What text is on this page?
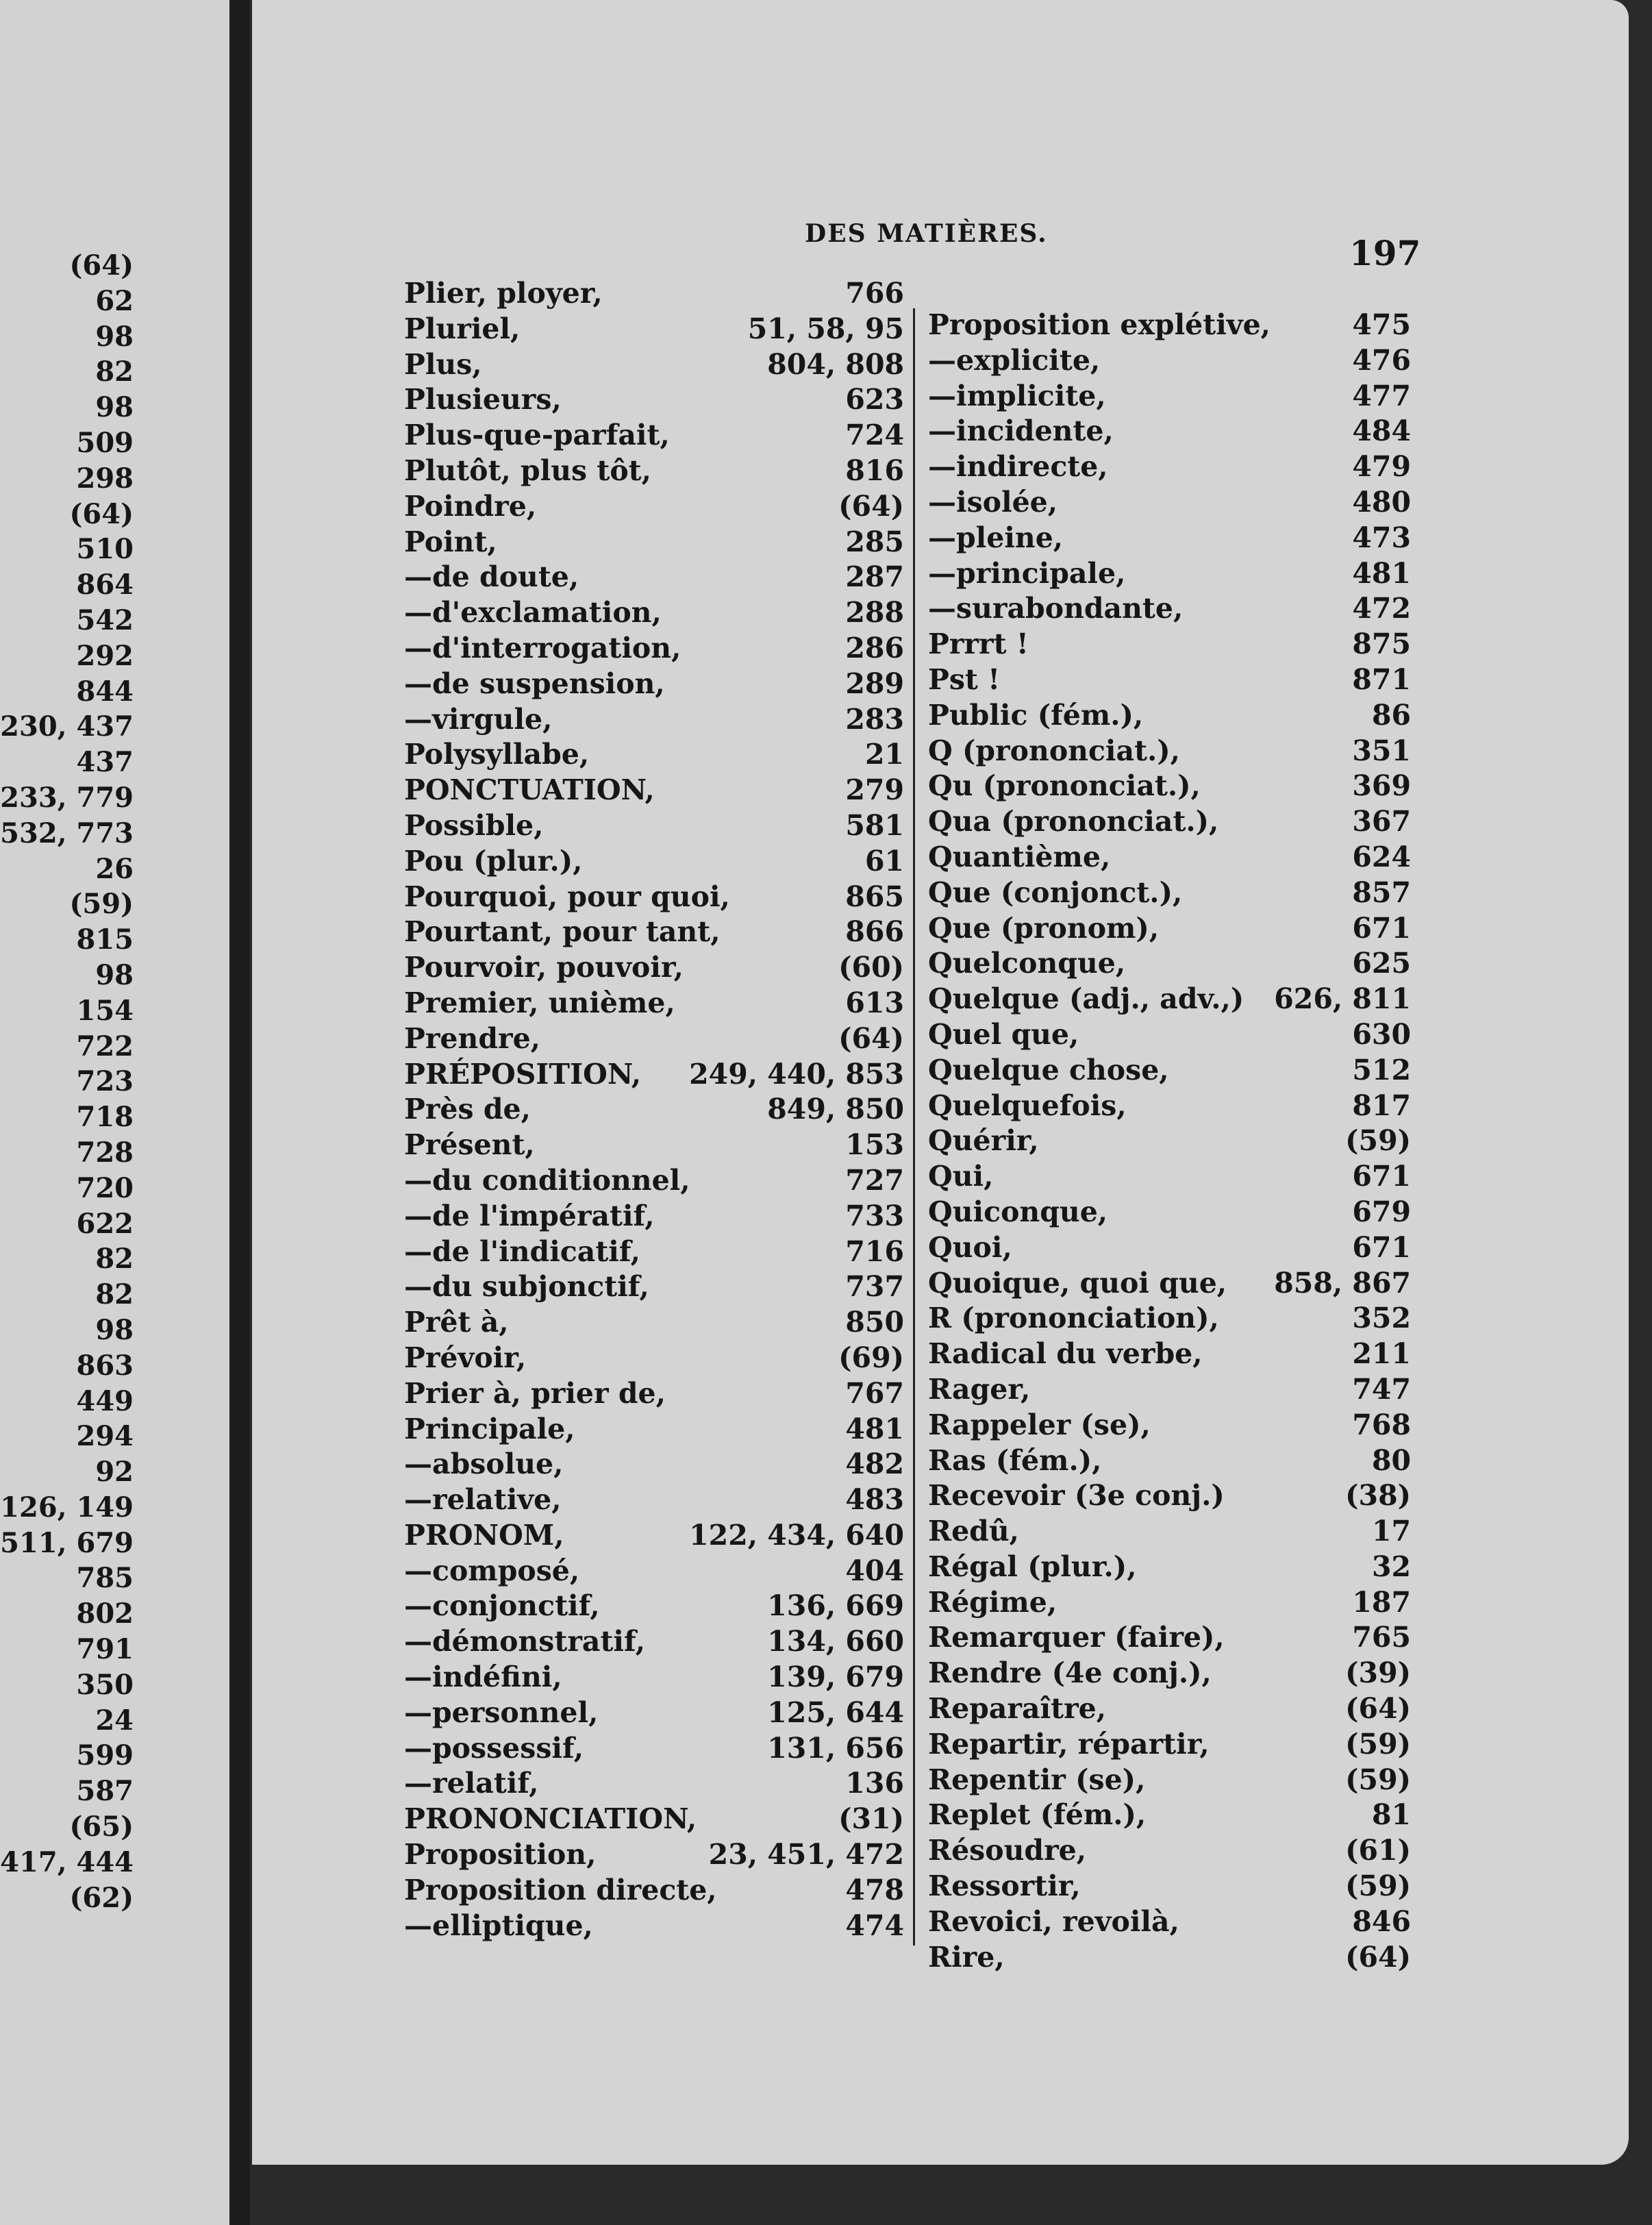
(64)
62
98
82
98
509
298
(64)
510
864
542
292
844
230, 437
437
233, 779
532, 773
26
(59)
815
98
154
722
723
718
728
720
622
82
82
98
863
449
294
92
126, 149
511, 679
785
802
791
350
24
599
587
(65)
417, 444
(62)
DES MATIÈRES.	197
Plier, ployer,	766
Pluriel,	51, 58, 95
Plus,	804, 808
Plusieurs,	623
Plus-que-parfait,	724
Plutôt, plus tôt,	816
Poindre,	(64)
Point,	285
—de doute,	287
—d'exclamation,	288
—d'interrogation,	286
—de suspension,	289
—virgule,	283
Polysyllabe,	21
PONCTUATION,	279
Possible,	581
Pou (plur.),	61
Pourquoi, pour quoi,	865
Pourtant, pour tant,	866
Pourvoir, pouvoir,	(60)
Premier, unième,	613
Prendre,	(64)
PRÉPOSITION, 249, 440, 853
Près de,	849, 850
Présent,	153
—du conditionnel,	727
—de l'impératif,	733
—de l'indicatif,	716
—du subjonctif,	737
Prêt à,	850
Prévoir,	(69)
Prier à, prier de,	767
Principale,	481
—absolue,	482
—relative,	483
PRONOM,	122, 434, 640
—composé,	404
—conjonctif,	136, 669
—démonstratif,	134, 660
—indéfini,	139, 679
—personnel,	125, 644
—possessif,	131, 656
—relatif,	136
PRONONCIATION,	(31)
Proposition,	23, 451, 472
Proposition directe,	478
—elliptique,	474
Proposition explétive,	475
—explicite,	476
—implicite,	477
—incidente,	484
—indirecte,	479
—isolée,	480
—pleine,	473
—principale,	481
—surabondante,	472
Prrrt !	875
Pst !	871
Public (fém.),	86
Q (prononciat.),	351
Qu (prononciat.),	369
Qua (prononciat.),	367
Quantième,	624
Que (conjonct.),	857
Que (pronom),	671
Quelconque,	625
Quelque (adj., adv.,) 626, 811
Quel que,	630
Quelque chose,	512
Quelquefois,	817
Quérir,	(59)
Qui,	671
Quiconque,	679
Quoi,	671
Quoique, quoi que, 858, 867
R (prononciation),	352
Radical du verbe,	211
Rager,	747
Rappeler (se),	768
Ras (fém.),	80
Recevoir (3e conj.)	(38)
Redû,	17
Régal (plur.),	32
Régime,	187
Remarquer (faire),	765
Rendre (4e conj.),	(39)
Reparaître,	(64)
Repartir, répartir,	(59)
Repentir (se),	(59)
Replet (fém.),	81
Résoudre,	(61)
Ressortir,	(59)
Revoici, revoilà,	846
Rire,	(64)
